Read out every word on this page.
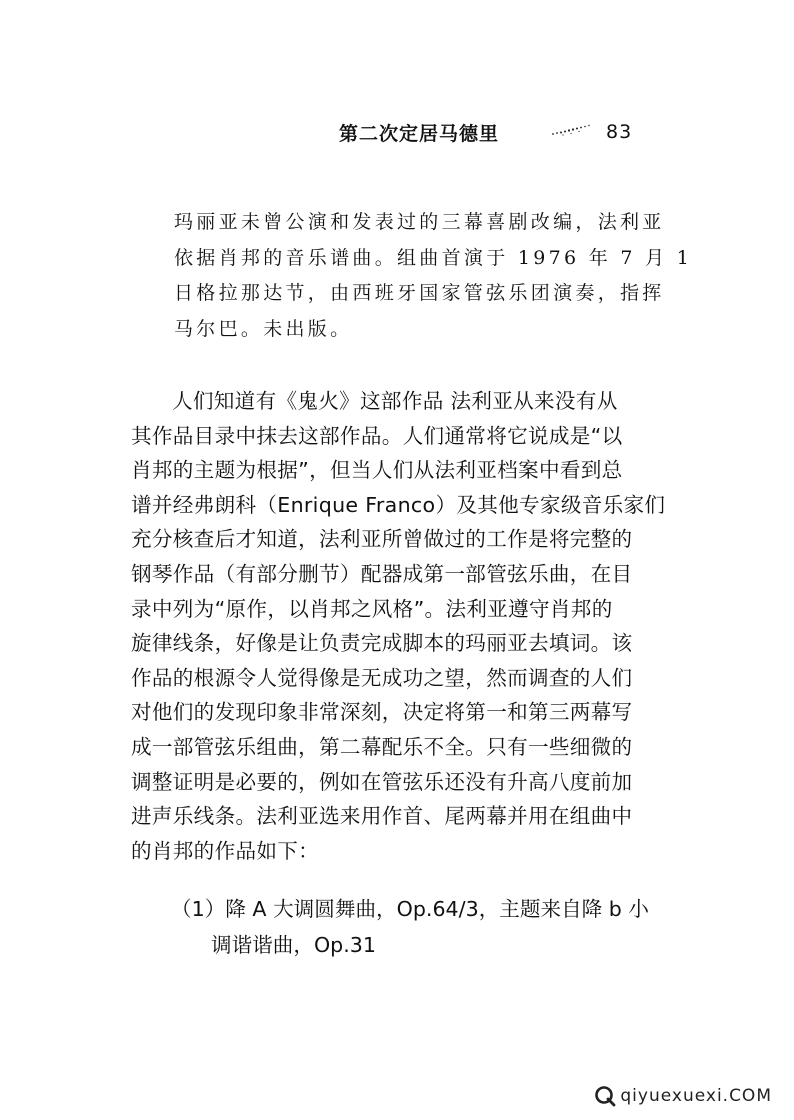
第二次定居马德里	83
玛丽亚未曾公演和发表过的三幕喜剧改编，法利亚
依据肖邦的音乐谱曲。组曲首演于 1976 年 7 月 1
日格拉那达节，由西班牙国家管弦乐团演奏，指挥
马尔巴。未出版。
人们知道有《鬼火》这部作品 法利亚从来没有从
其作品目录中抹去这部作品。人们通常将它说成是“以
肖邦的主题为根据”，但当人们从法利亚档案中看到总
谱并经弗朗科（Enrique Franco）及其他专家级音乐家们
充分核查后才知道，法利亚所曾做过的工作是将完整的
钢琴作品（有部分删节）配器成第一部管弦乐曲，在目
录中列为“原作，以肖邦之风格”。法利亚遵守肖邦的
旋律线条，好像是让负责完成脚本的玛丽亚去填词。该
作品的根源令人觉得像是无成功之望，然而调查的人们
对他们的发现印象非常深刻，决定将第一和第三两幕写
成一部管弦乐组曲，第二幕配乐不全。只有一些细微的
调整证明是必要的，例如在管弦乐还没有升高八度前加
进声乐线条。法利亚选来用作首、尾两幕并用在组曲中
的肖邦的作品如下：
（1）降 A 大调圆舞曲，Op.64/3，主题来自降 b 小
调谐谐曲，Op.31
qiyuexuexi.COM
